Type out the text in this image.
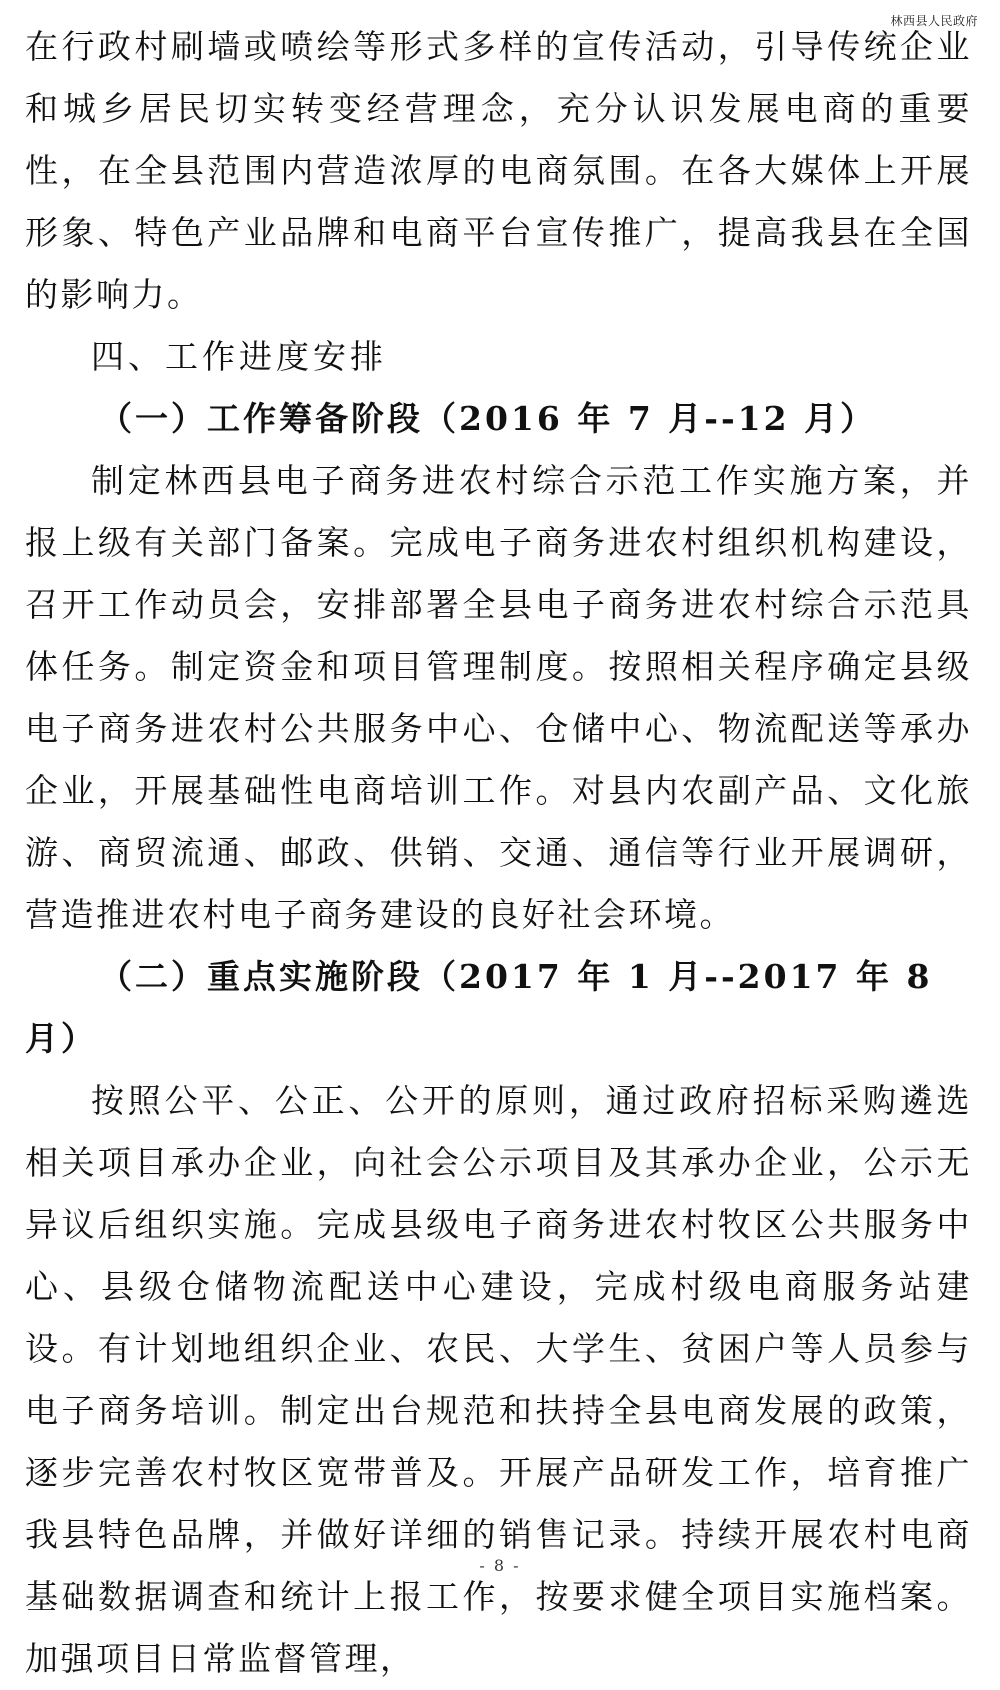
林西县人民政府

在行政村刷墙或喷绘等形式多样的宣传活动，引导传统企业和城乡居民切实转变经营理念，充分认识发展电商的重要性，在全县范围内营造浓厚的电商氛围。在各大媒体上开展形象、特色产业品牌和电商平台宣传推广，提高我县在全国的影响力。

四、工作进度安排

（一）工作筹备阶段（2016 年 7 月--12 月）

制定林西县电子商务进农村综合示范工作实施方案，并报上级有关部门备案。完成电子商务进农村组织机构建设，召开工作动员会，安排部署全县电子商务进农村综合示范具体任务。制定资金和项目管理制度。按照相关程序确定县级电子商务进农村公共服务中心、仓储中心、物流配送等承办企业，开展基础性电商培训工作。对县内农副产品、文化旅游、商贸流通、邮政、供销、交通、通信等行业开展调研，营造推进农村电子商务建设的良好社会环境。

（二）重点实施阶段（2017 年 1 月--2017 年 8 月）

按照公平、公正、公开的原则，通过政府招标采购遴选相关项目承办企业，向社会公示项目及其承办企业，公示无异议后组织实施。完成县级电子商务进农村牧区公共服务中心、县级仓储物流配送中心建设，完成村级电商服务站建设。有计划地组织企业、农民、大学生、贫困户等人员参与电子商务培训。制定出台规范和扶持全县电商发展的政策，逐步完善农村牧区宽带普及。开展产品研发工作，培育推广我县特色品牌，并做好详细的销售记录。持续开展农村电商基础数据调查和统计上报工作，按要求健全项目实施档案。加强项目日常监督管理，

- 8 -
